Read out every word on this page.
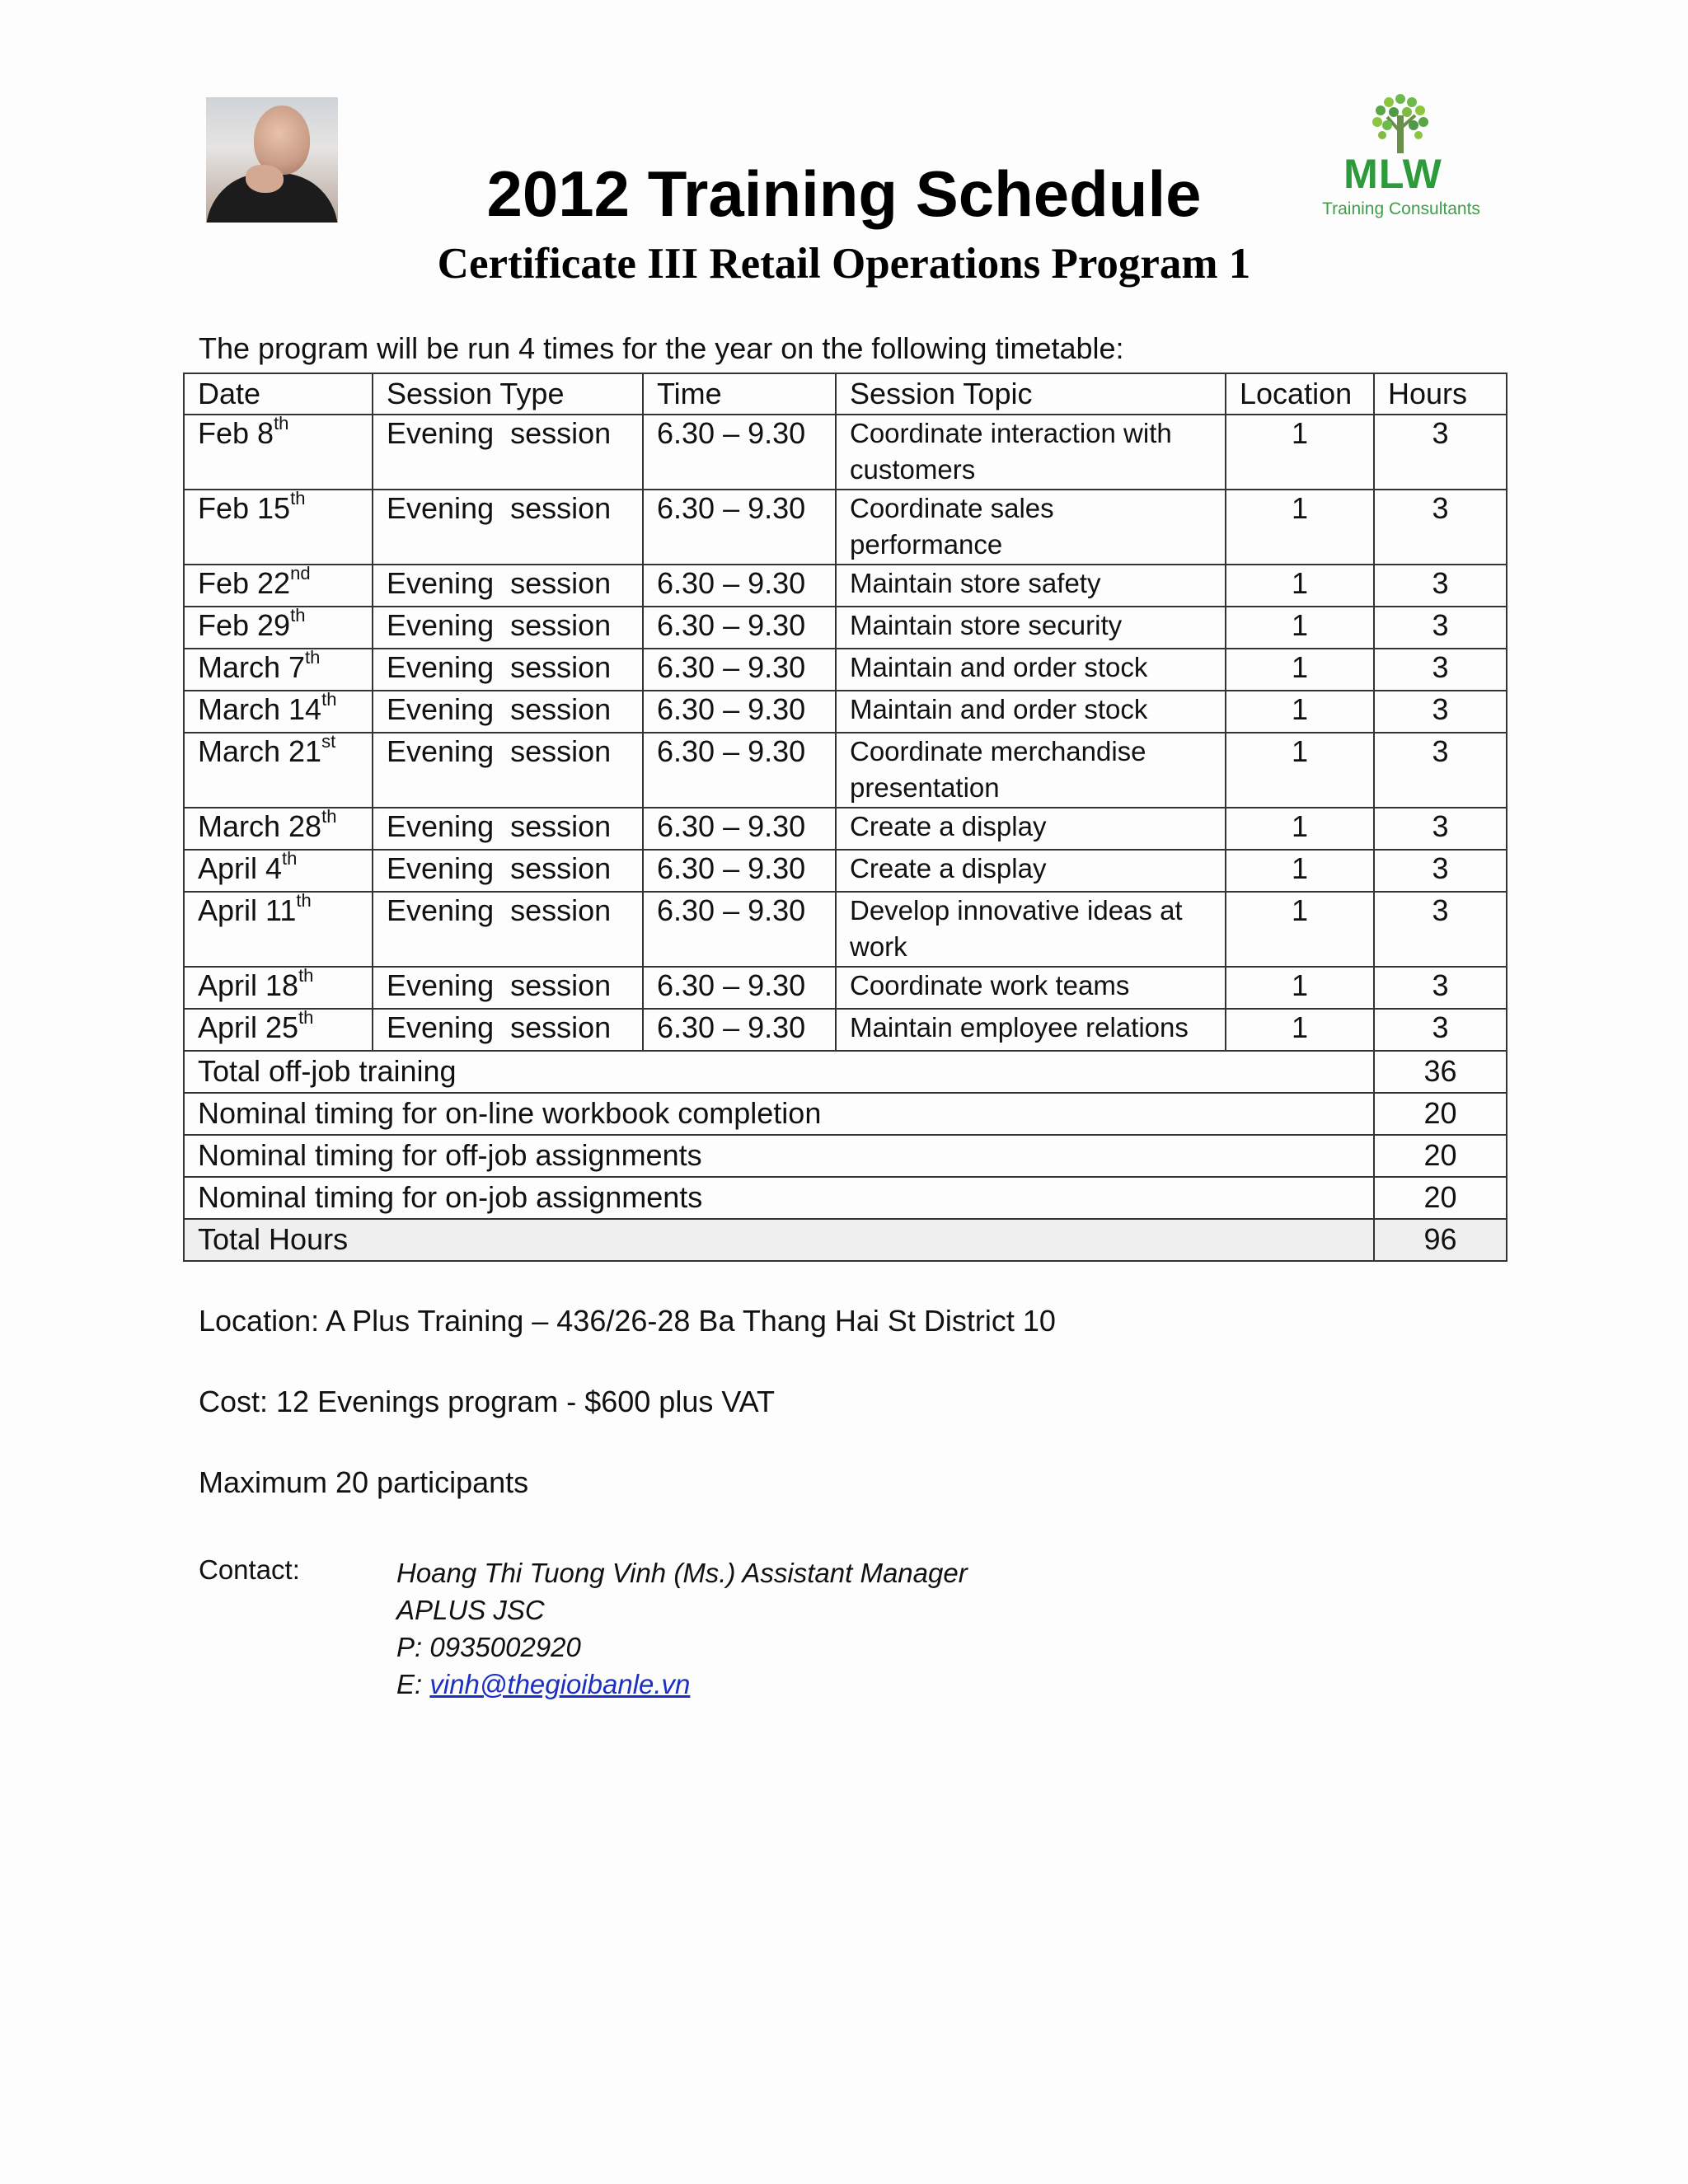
MLW
Training Consultants
2012 Training Schedule
Certificate III Retail Operations Program 1
The program will be run 4 times for the year on the following timetable:
Date	Session Type	Time	Session Topic	Location	Hours
Feb 8th	Evening  session	6.30 – 9.30	Coordinate interaction with customers	1	3
Feb 15th	Evening  session	6.30 – 9.30	Coordinate sales performance	1	3
Feb 22nd	Evening  session	6.30 – 9.30	Maintain store safety	1	3
Feb 29th	Evening  session	6.30 – 9.30	Maintain store security	1	3
March 7th	Evening  session	6.30 – 9.30	Maintain and order stock	1	3
March 14th	Evening  session	6.30 – 9.30	Maintain and order stock	1	3
March 21st	Evening  session	6.30 – 9.30	Coordinate merchandise presentation	1	3
March 28th	Evening  session	6.30 – 9.30	Create a display	1	3
April 4th	Evening  session	6.30 – 9.30	Create a display	1	3
April 11th	Evening  session	6.30 – 9.30	Develop innovative ideas at work	1	3
April 18th	Evening  session	6.30 – 9.30	Coordinate work teams	1	3
April 25th	Evening  session	6.30 – 9.30	Maintain employee relations	1	3
Total off-job training					36
Nominal timing for on-line workbook completion					20
Nominal timing for off-job assignments					20
Nominal timing for on-job assignments					20
Total Hours					96
Location: A Plus Training – 436/26-28 Ba Thang Hai St District 10
Cost: 12 Evenings program - $600 plus VAT
Maximum 20 participants
Contact:	Hoang Thi Tuong Vinh (Ms.) Assistant Manager
APLUS JSC
P: 0935002920
E: vinh@thegioibanle.vn
